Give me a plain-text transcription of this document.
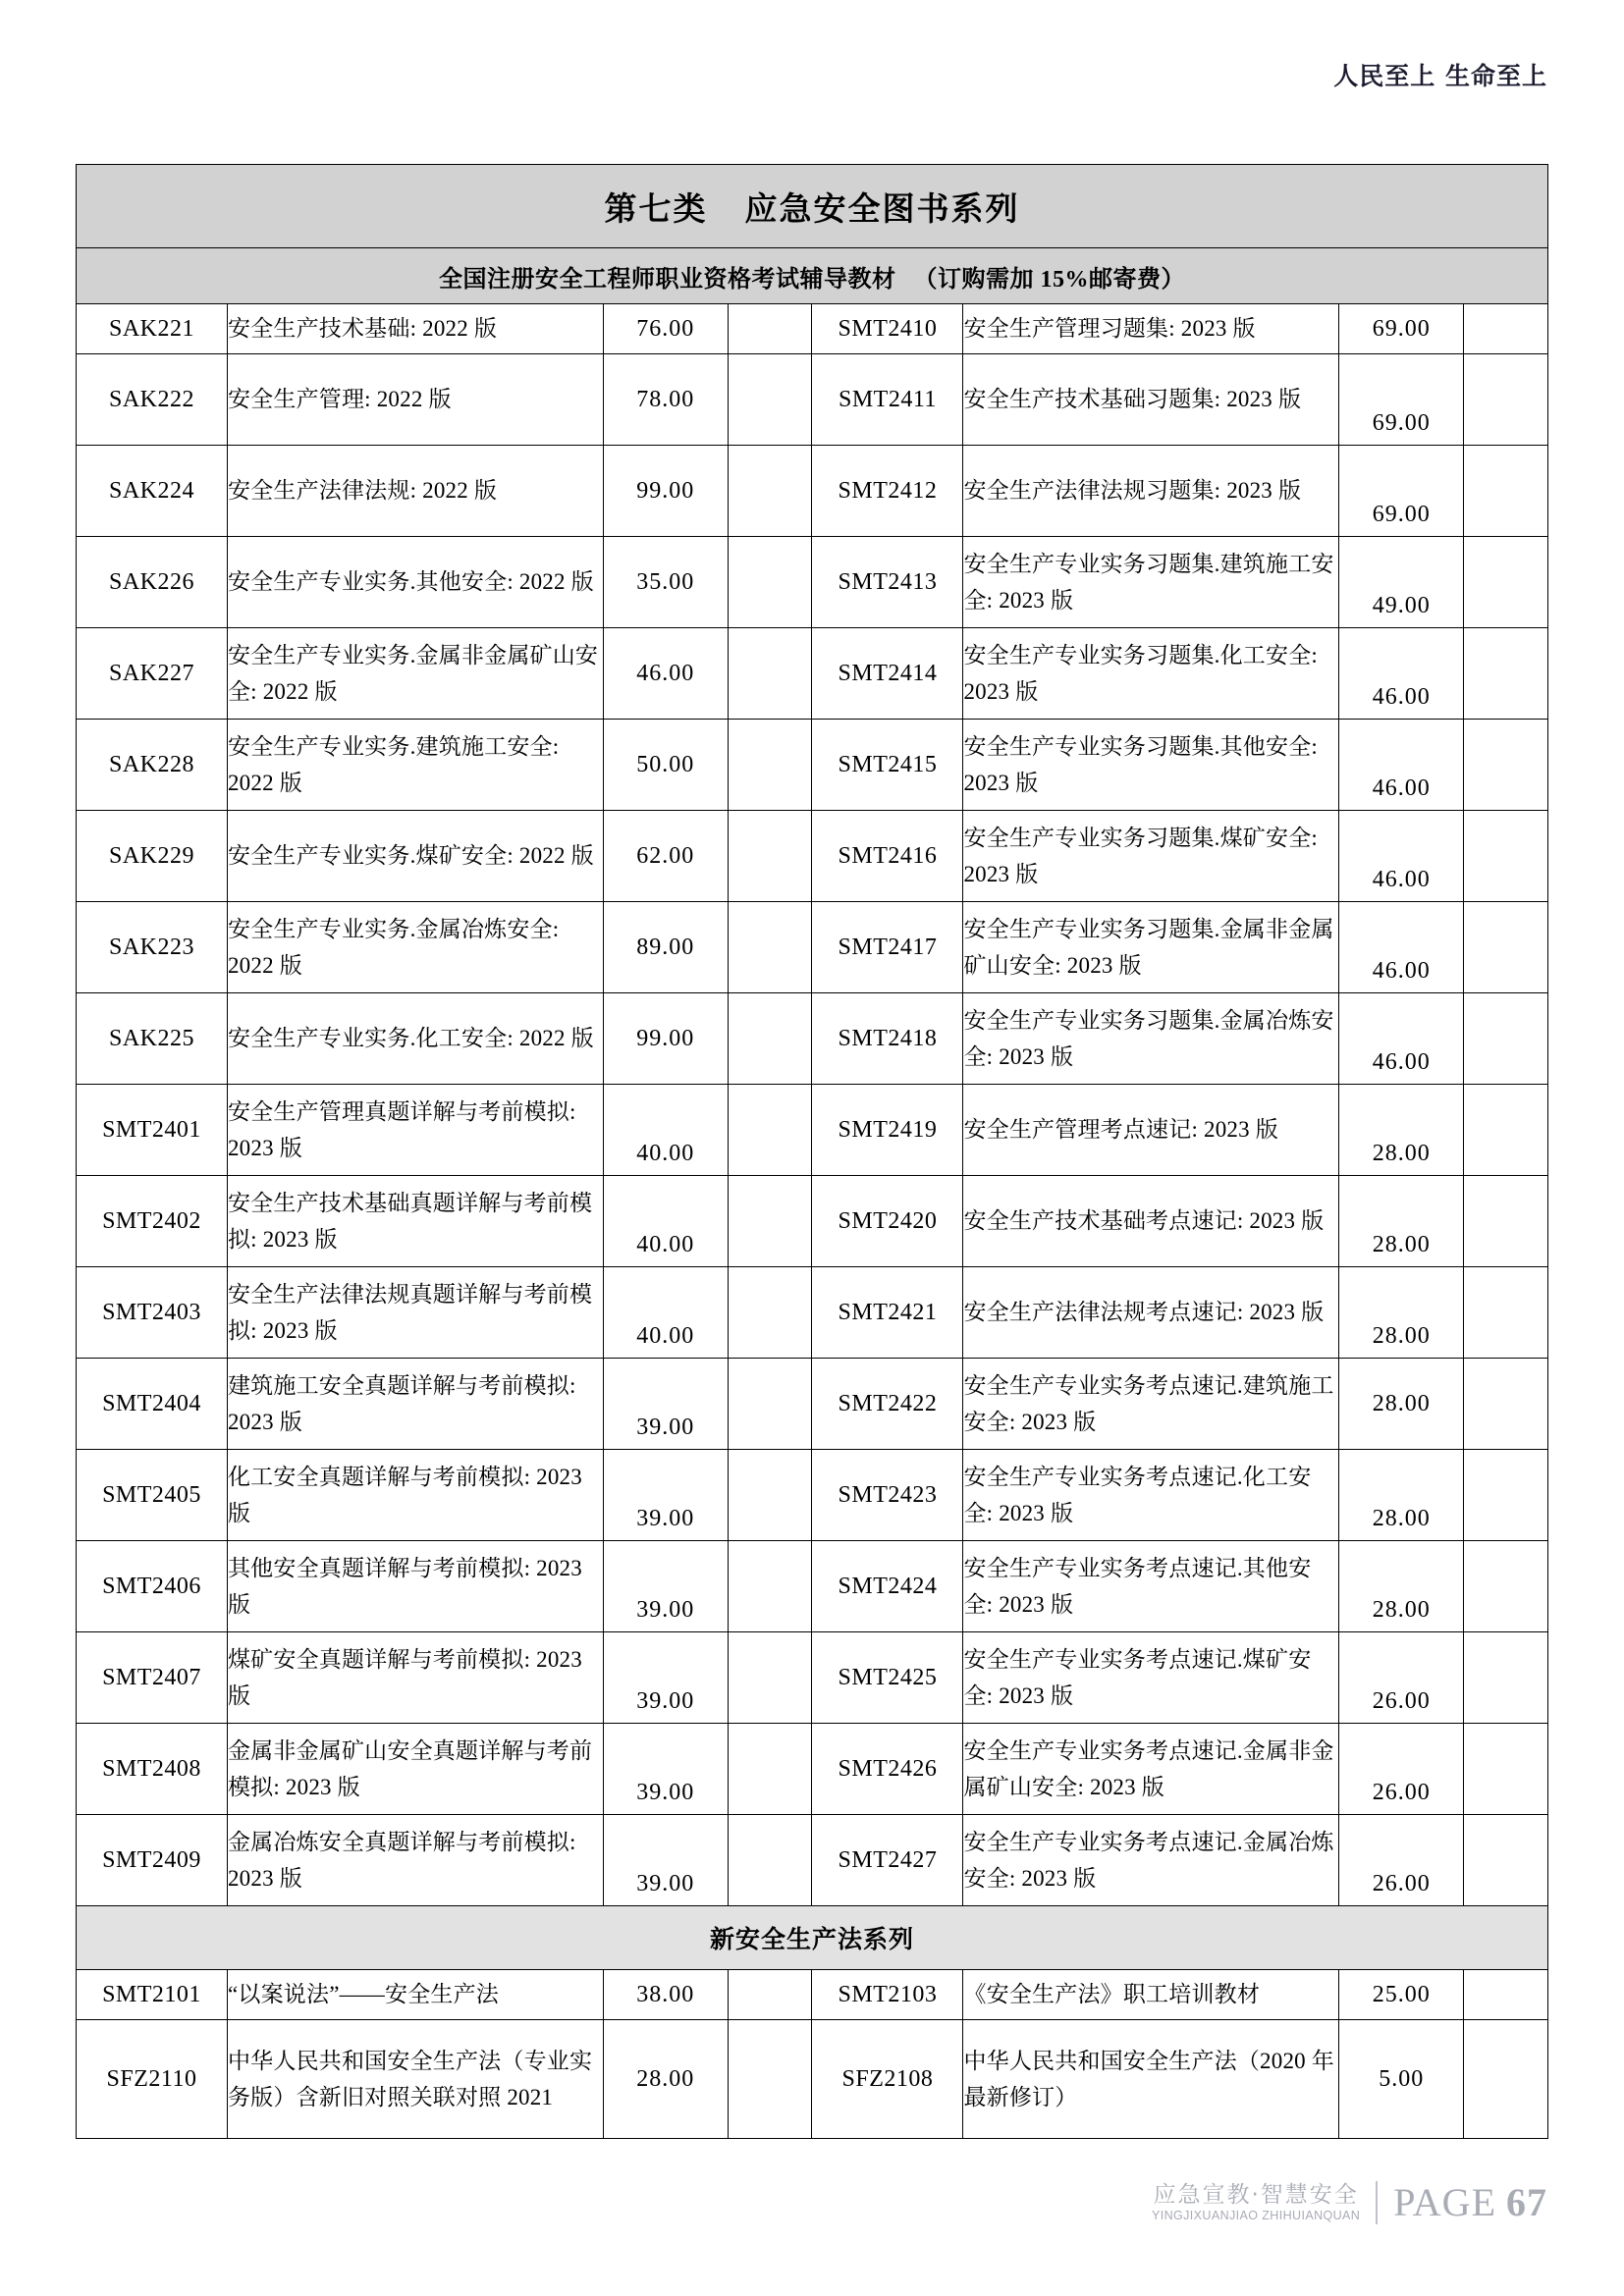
人民至上 生命至上
第七类 应急安全图书系列							
全国注册安全工程师职业资格考试辅导教材 （订购需加 15%邮寄费）							
SAK221	安全生产技术基础: 2022 版	76.00		SMT2410	安全生产管理习题集: 2023 版	69.00	
SAK222	安全生产管理: 2022 版	78.00		SMT2411	安全生产技术基础习题集: 2023 版	69.00	
SAK224	安全生产法律法规: 2022 版	99.00		SMT2412	安全生产法律法规习题集: 2023 版	69.00	
SAK226	安全生产专业实务.其他安全: 2022 版	35.00		SMT2413	安全生产专业实务习题集.建筑施工安全: 2023 版	49.00	
SAK227	安全生产专业实务.金属非金属矿山安全: 2022 版	46.00		SMT2414	安全生产专业实务习题集.化工安全: 2023 版	46.00	
SAK228	安全生产专业实务.建筑施工安全: 2022 版	50.00		SMT2415	安全生产专业实务习题集.其他安全: 2023 版	46.00	
SAK229	安全生产专业实务.煤矿安全: 2022 版	62.00		SMT2416	安全生产专业实务习题集.煤矿安全: 2023 版	46.00	
SAK223	安全生产专业实务.金属冶炼安全: 2022 版	89.00		SMT2417	安全生产专业实务习题集.金属非金属矿山安全: 2023 版	46.00	
SAK225	安全生产专业实务.化工安全: 2022 版	99.00		SMT2418	安全生产专业实务习题集.金属冶炼安全: 2023 版	46.00	
SMT2401	安全生产管理真题详解与考前模拟: 2023 版	40.00		SMT2419	安全生产管理考点速记: 2023 版	28.00	
SMT2402	安全生产技术基础真题详解与考前模拟: 2023 版	40.00		SMT2420	安全生产技术基础考点速记: 2023 版	28.00	
SMT2403	安全生产法律法规真题详解与考前模拟: 2023 版	40.00		SMT2421	安全生产法律法规考点速记: 2023 版	28.00	
SMT2404	建筑施工安全真题详解与考前模拟: 2023 版	39.00		SMT2422	安全生产专业实务考点速记.建筑施工安全: 2023 版	28.00	
SMT2405	化工安全真题详解与考前模拟: 2023 版	39.00		SMT2423	安全生产专业实务考点速记.化工安全: 2023 版	28.00	
SMT2406	其他安全真题详解与考前模拟: 2023 版	39.00		SMT2424	安全生产专业实务考点速记.其他安全: 2023 版	28.00	
SMT2407	煤矿安全真题详解与考前模拟: 2023 版	39.00		SMT2425	安全生产专业实务考点速记.煤矿安全: 2023 版	26.00	
SMT2408	金属非金属矿山安全真题详解与考前模拟: 2023 版	39.00		SMT2426	安全生产专业实务考点速记.金属非金属矿山安全: 2023 版	26.00	
SMT2409	金属冶炼安全真题详解与考前模拟: 2023 版	39.00		SMT2427	安全生产专业实务考点速记.金属冶炼安全: 2023 版	26.00	
新安全生产法系列							
SMT2101	“以案说法”——安全生产法	38.00		SMT2103	《安全生产法》职工培训教材	25.00	
SFZ2110	中华人民共和国安全生产法（专业实务版）含新旧对照关联对照 2021	28.00		SFZ2108	中华人民共和国安全生产法（2020 年最新修订）	5.00	
应急宣教·智慧安全
YINGJIXUANJIAO ZHIHUIANQUAN PAGE 67
